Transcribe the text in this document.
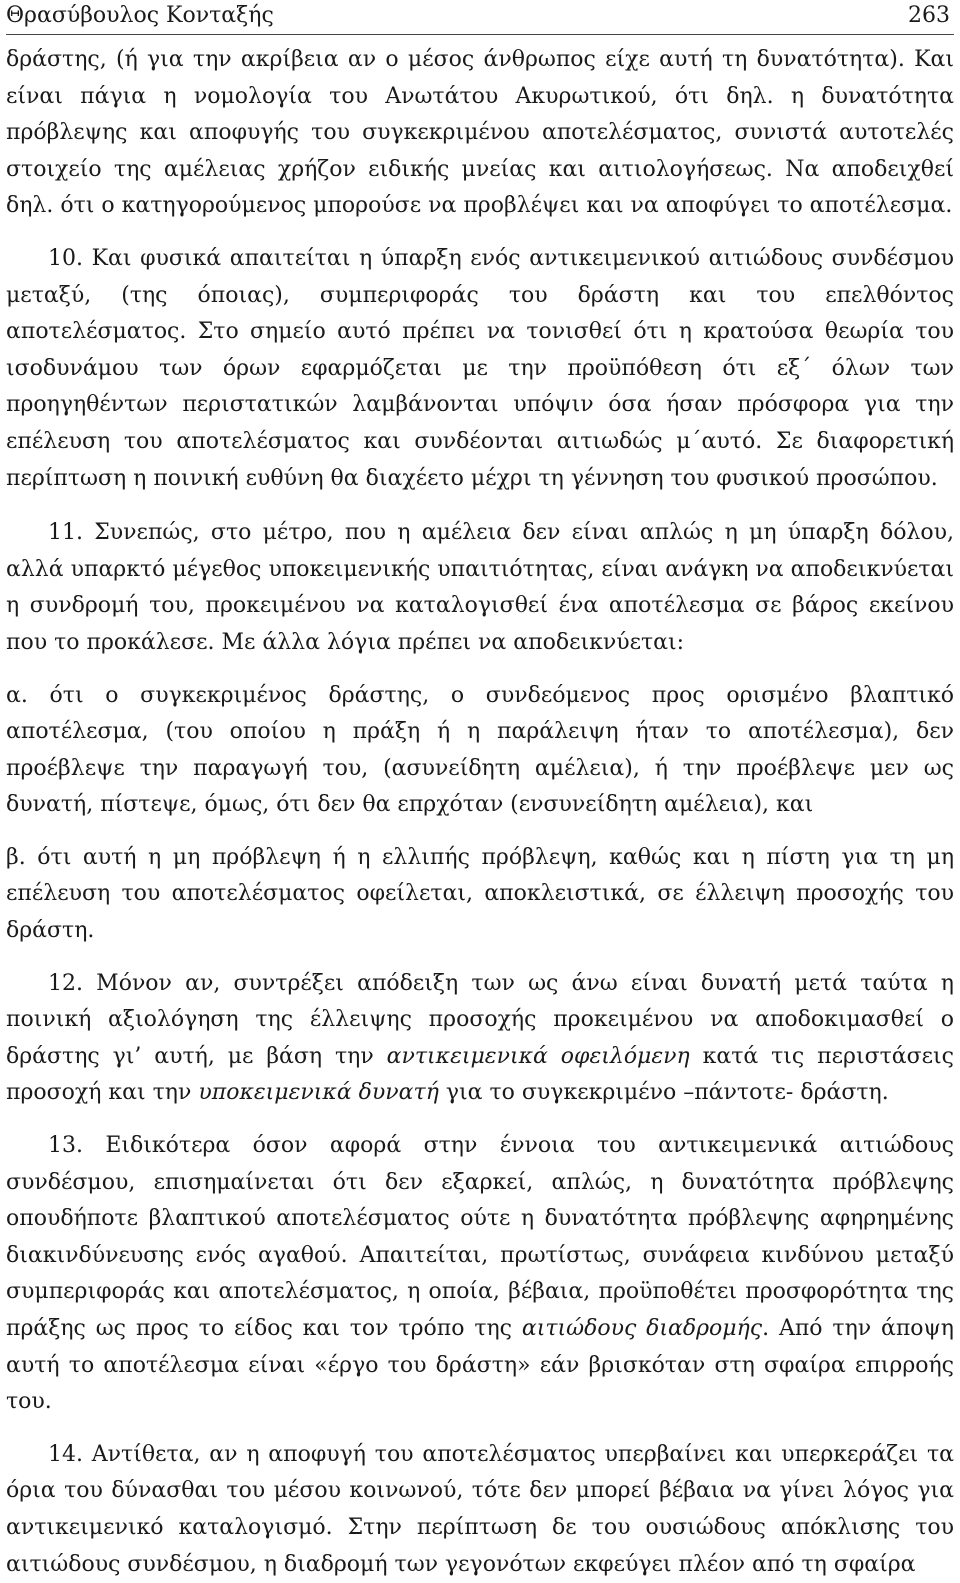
Θρασύβουλος Κονταξής	263

δράστης, (ή για την ακρίβεια αν ο μέσος άνθρωπος είχε αυτή τη δυνατότητα). Και είναι πάγια η νομολογία του Ανωτάτου Ακυρωτικού, ότι δηλ. η δυνατότητα πρόβλεψης και αποφυγής του συγκεκριμένου αποτελέσματος, συνιστά αυτοτελές στοιχείο της αμέλειας χρήζον ειδικής μνείας και αιτιολογήσεως. Να αποδειχθεί δηλ. ότι ο κατηγορούμενος μπορούσε να προβλέψει και να αποφύγει το αποτέλεσμα.

10. Και φυσικά απαιτείται η ύπαρξη ενός αντικειμενικού αιτιώδους συνδέσμου μεταξύ, (της όποιας), συμπεριφοράς του δράστη και του επελθόντος αποτελέσματος. Στο σημείο αυτό πρέπει να τονισθεί ότι η κρατούσα θεωρία του ισοδυνάμου των όρων εφαρμόζεται με την προϋπόθεση ότι εξ΄ όλων των προηγηθέντων περιστατικών λαμβάνονται υπόψιν όσα ήσαν πρόσφορα για την επέλευση του αποτελέσματος και συνδέονται αιτιωδώς μ΄αυτό. Σε διαφορετική περίπτωση η ποινική ευθύνη θα διαχέετο μέχρι τη γέννηση του φυσικού προσώπου.

11. Συνεπώς, στο μέτρο, που η αμέλεια δεν είναι απλώς η μη ύπαρξη δόλου, αλλά υπαρκτό μέγεθος υποκειμενικής υπαιτιότητας, είναι ανάγκη να αποδεικνύεται η συνδρομή του, προκειμένου να καταλογισθεί ένα αποτέλεσμα σε βάρος εκείνου που το προκάλεσε. Με άλλα λόγια πρέπει να αποδεικνύεται:

α. ότι ο συγκεκριμένος δράστης, ο συνδεόμενος προς ορισμένο βλαπτικό αποτέλεσμα, (του οποίου η πράξη ή η παράλειψη ήταν το αποτέλεσμα), δεν προέβλεψε την παραγωγή του, (ασυνείδητη αμέλεια), ή την προέβλεψε μεν ως δυνατή, πίστεψε, όμως, ότι δεν θα επρχόταν (ενσυνείδητη αμέλεια), και

β. ότι αυτή η μη πρόβλεψη ή η ελλιπής πρόβλεψη, καθώς και η πίστη για τη μη επέλευση του αποτελέσματος οφείλεται, αποκλειστικά, σε έλλειψη προσοχής του δράστη.

12. Μόνον αν, συντρέξει απόδειξη των ως άνω είναι δυνατή μετά ταύτα η ποινική αξιολόγηση της έλλειψης προσοχής προκειμένου να αποδοκιμασθεί ο δράστης γι’ αυτή, με βάση την αντικειμενικά οφειλόμενη κατά τις περιστάσεις προσοχή και την υποκειμενικά δυνατή για το συγκεκριμένο –πάντοτε- δράστη.

13. Ειδικότερα όσον αφορά στην έννοια του αντικειμενικά αιτιώδους συνδέσμου, επισημαίνεται ότι δεν εξαρκεί, απλώς, η δυνατότητα πρόβλεψης οπουδήποτε βλαπτικού αποτελέσματος ούτε η δυνατότητα πρόβλεψης αφηρημένης διακινδύνευσης ενός αγαθού. Απαιτείται, πρωτίστως, συνάφεια κινδύνου μεταξύ συμπεριφοράς και αποτελέσματος, η οποία, βέβαια, προϋποθέτει προσφορότητα της πράξης ως προς το είδος και τον τρόπο της αιτιώδους διαδρομής. Από την άποψη αυτή το αποτέλεσμα είναι «έργο του δράστη» εάν βρισκόταν στη σφαίρα επιρροής του.

14. Αντίθετα, αν η αποφυγή του αποτελέσματος υπερβαίνει και υπερκεράζει τα όρια του δύνασθαι του μέσου κοινωνού, τότε δεν μπορεί βέβαια να γίνει λόγος για αντικειμενικό καταλογισμό. Στην περίπτωση δε του ουσιώδους απόκλισης του αιτιώδους συνδέσμου, η διαδρομή των γεγονότων εκφεύγει πλέον από τη σφαίρα
